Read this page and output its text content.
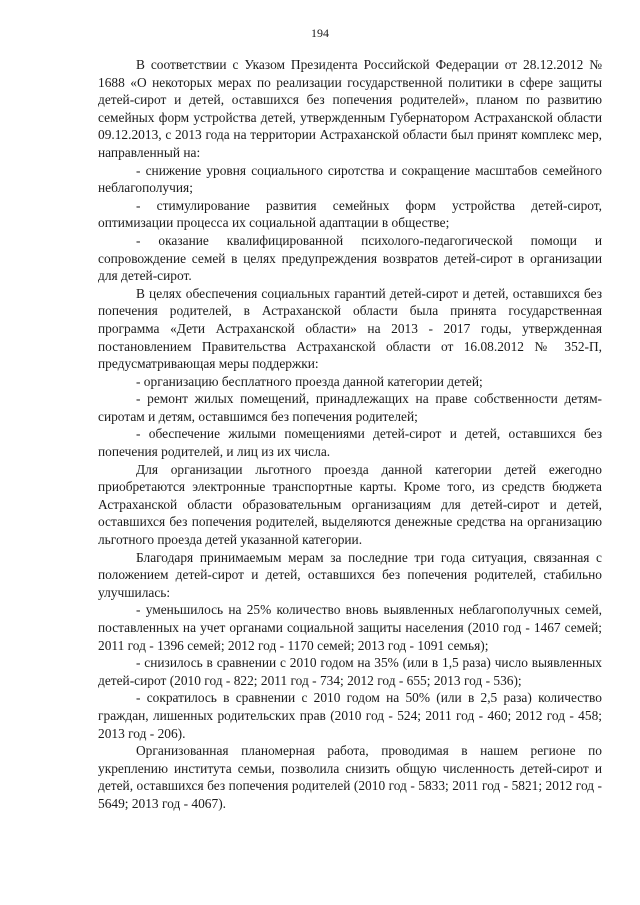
194

В соответствии с Указом Президента Российской Федерации от 28.12.2012 № 1688 «О некоторых мерах по реализации государственной политики в сфере защиты детей-сирот и детей, оставшихся без попечения родителей», планом по развитию семейных форм устройства детей, утвержденным Губернатором Астраханской области 09.12.2013, с 2013 года на территории Астраханской области был принят комплекс мер, направленный на:

- снижение уровня социального сиротства и сокращение масштабов семейного неблагополучия;

- стимулирование развития семейных форм устройства детей-сирот, оптимизации процесса их социальной адаптации в обществе;

- оказание квалифицированной психолого-педагогической помощи и сопровождение семей в целях предупреждения возвратов детей-сирот в организации для детей-сирот.

В целях обеспечения социальных гарантий детей-сирот и детей, оставшихся без попечения родителей, в Астраханской области была принята государственная программа «Дети Астраханской области» на 2013 - 2017 годы, утвержденная постановлением Правительства Астраханской области от 16.08.2012 № 352-П, предусматривающая меры поддержки:

- организацию бесплатного проезда данной категории детей;

- ремонт жилых помещений, принадлежащих на праве собственности детям-сиротам и детям, оставшимся без попечения родителей;

- обеспечение жилыми помещениями детей-сирот и детей, оставшихся без попечения родителей, и лиц из их числа.

Для организации льготного проезда данной категории детей ежегодно приобретаются электронные транспортные карты. Кроме того, из средств бюджета Астраханской области образовательным организациям для детей-сирот и детей, оставшихся без попечения родителей, выделяются денежные средства на организацию льготного проезда детей указанной категории.

Благодаря принимаемым мерам за последние три года ситуация, связанная с положением детей-сирот и детей, оставшихся без попечения родителей, стабильно улучшилась:

- уменьшилось на 25% количество вновь выявленных неблагополучных семей, поставленных на учет органами социальной защиты населения (2010 год - 1467 семей; 2011 год - 1396 семей; 2012 год - 1170 семей; 2013 год - 1091 семья);

- снизилось в сравнении с 2010 годом на 35% (или в 1,5 раза) число выявленных детей-сирот (2010 год - 822; 2011 год - 734; 2012 год - 655; 2013 год - 536);

- сократилось в сравнении с 2010 годом на 50% (или в 2,5 раза) количество граждан, лишенных родительских прав (2010 год - 524; 2011 год - 460; 2012 год - 458; 2013 год - 206).

Организованная планомерная работа, проводимая в нашем регионе по укреплению института семьи, позволила снизить общую численность детей-сирот и детей, оставшихся без попечения родителей (2010 год - 5833; 2011 год - 5821; 2012 год - 5649; 2013 год - 4067).
